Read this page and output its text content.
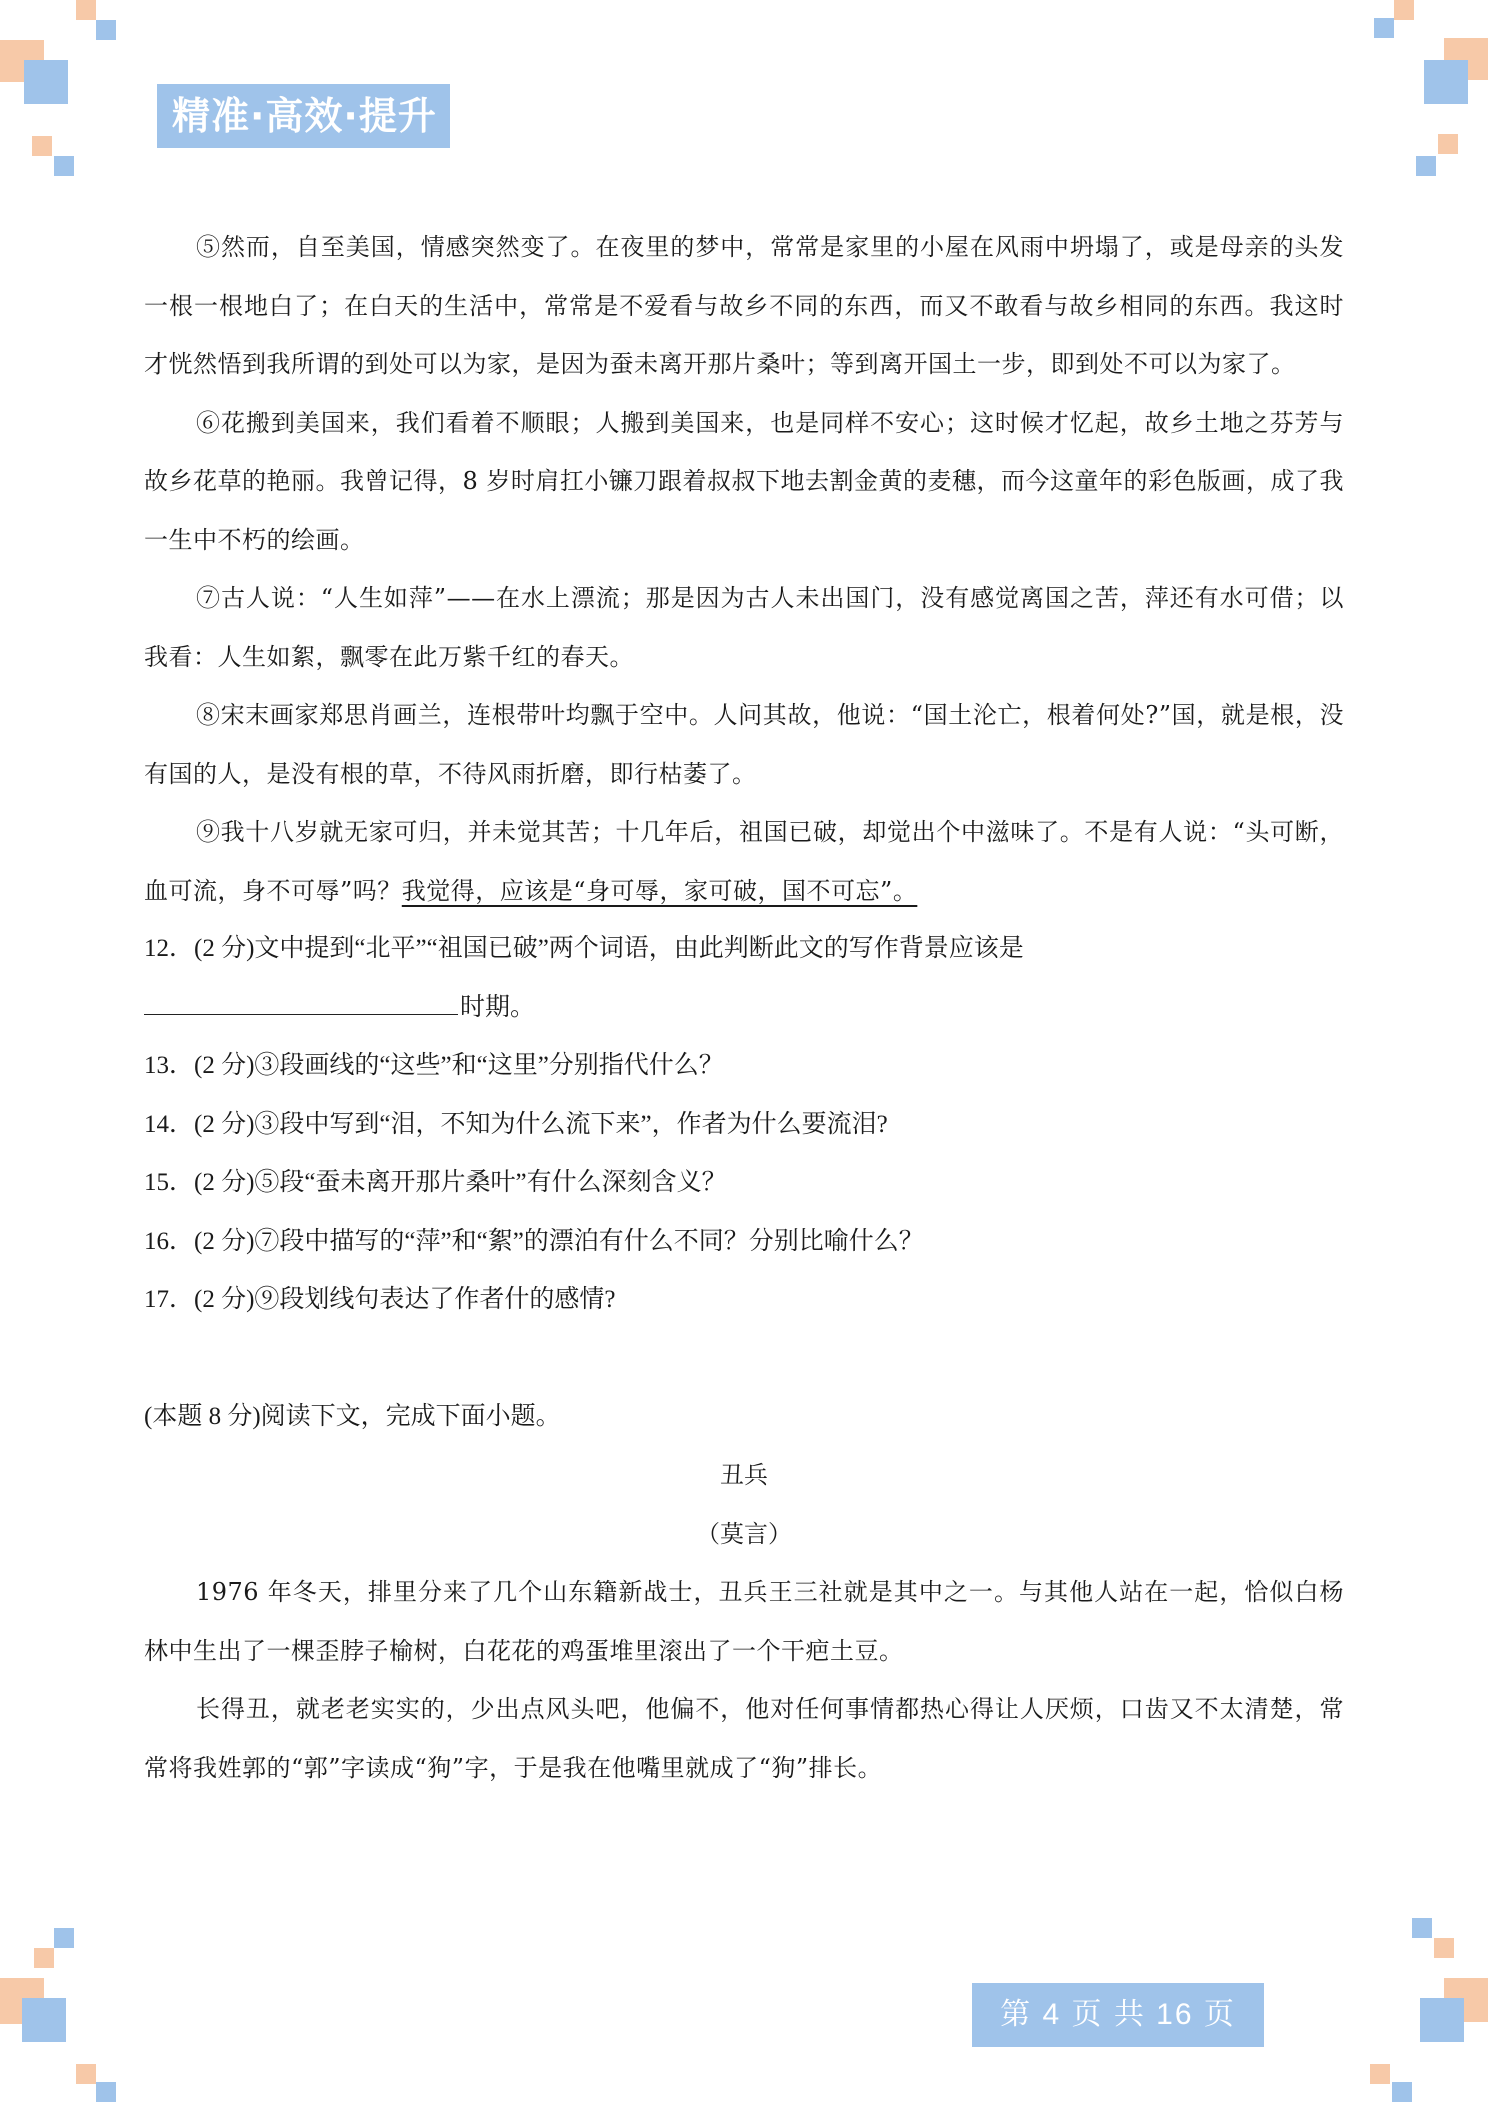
精准·高效·提升

⑤然而，自至美国，情感突然变了。在夜里的梦中，常常是家里的小屋在风雨中坍塌了，或是母亲的头发一根一根地白了；在白天的生活中，常常是不爱看与故乡不同的东西，而又不敢看与故乡相同的东西。我这时才恍然悟到我所谓的到处可以为家，是因为蚕未离开那片桑叶；等到离开国土一步，即到处不可以为家了。

⑥花搬到美国来，我们看着不顺眼；人搬到美国来，也是同样不安心；这时候才忆起，故乡土地之芬芳与故乡花草的艳丽。我曾记得，8 岁时肩扛小镰刀跟着叔叔下地去割金黄的麦穗，而今这童年的彩色版画，成了我一生中不朽的绘画。

⑦古人说：“人生如萍”——在水上漂流；那是因为古人未出国门，没有感觉离国之苦，萍还有水可借；以我看：人生如絮，飘零在此万紫千红的春天。

⑧宋末画家郑思肖画兰，连根带叶均飘于空中。人问其故，他说：“国土沦亡，根着何处?”国，就是根，没有国的人，是没有根的草，不待风雨折磨，即行枯萎了。

⑨我十八岁就无家可归，并未觉其苦；十几年后，祖国已破，却觉出个中滋味了。不是有人说：“头可断，血可流，身不可辱”吗？我觉得，应该是“身可辱，家可破，国不可忘”。

12．(2 分)文中提到“北平”“祖国已破”两个词语，由此判断此文的写作背景应该是

时期。

13．(2 分)③段画线的“这些”和“这里”分别指代什么？

14．(2 分)③段中写到“泪，不知为什么流下来”，作者为什么要流泪?

15．(2 分)⑤段“蚕未离开那片桑叶”有什么深刻含义？

16．(2 分)⑦段中描写的“萍”和“絮”的漂泊有什么不同？分别比喻什么？

17．(2 分)⑨段划线句表达了作者什的感情?

(本题 8 分)阅读下文，完成下面小题。

丑兵

（莫言）

1976 年冬天，排里分来了几个山东籍新战士，丑兵王三社就是其中之一。与其他人站在一起，恰似白杨林中生出了一棵歪脖子榆树，白花花的鸡蛋堆里滚出了一个干疤土豆。

长得丑，就老老实实的，少出点风头吧，他偏不，他对任何事情都热心得让人厌烦，口齿又不太清楚，常常将我姓郭的“郭”字读成“狗”字，于是我在他嘴里就成了“狗”排长。

第 4 页 共 16 页
